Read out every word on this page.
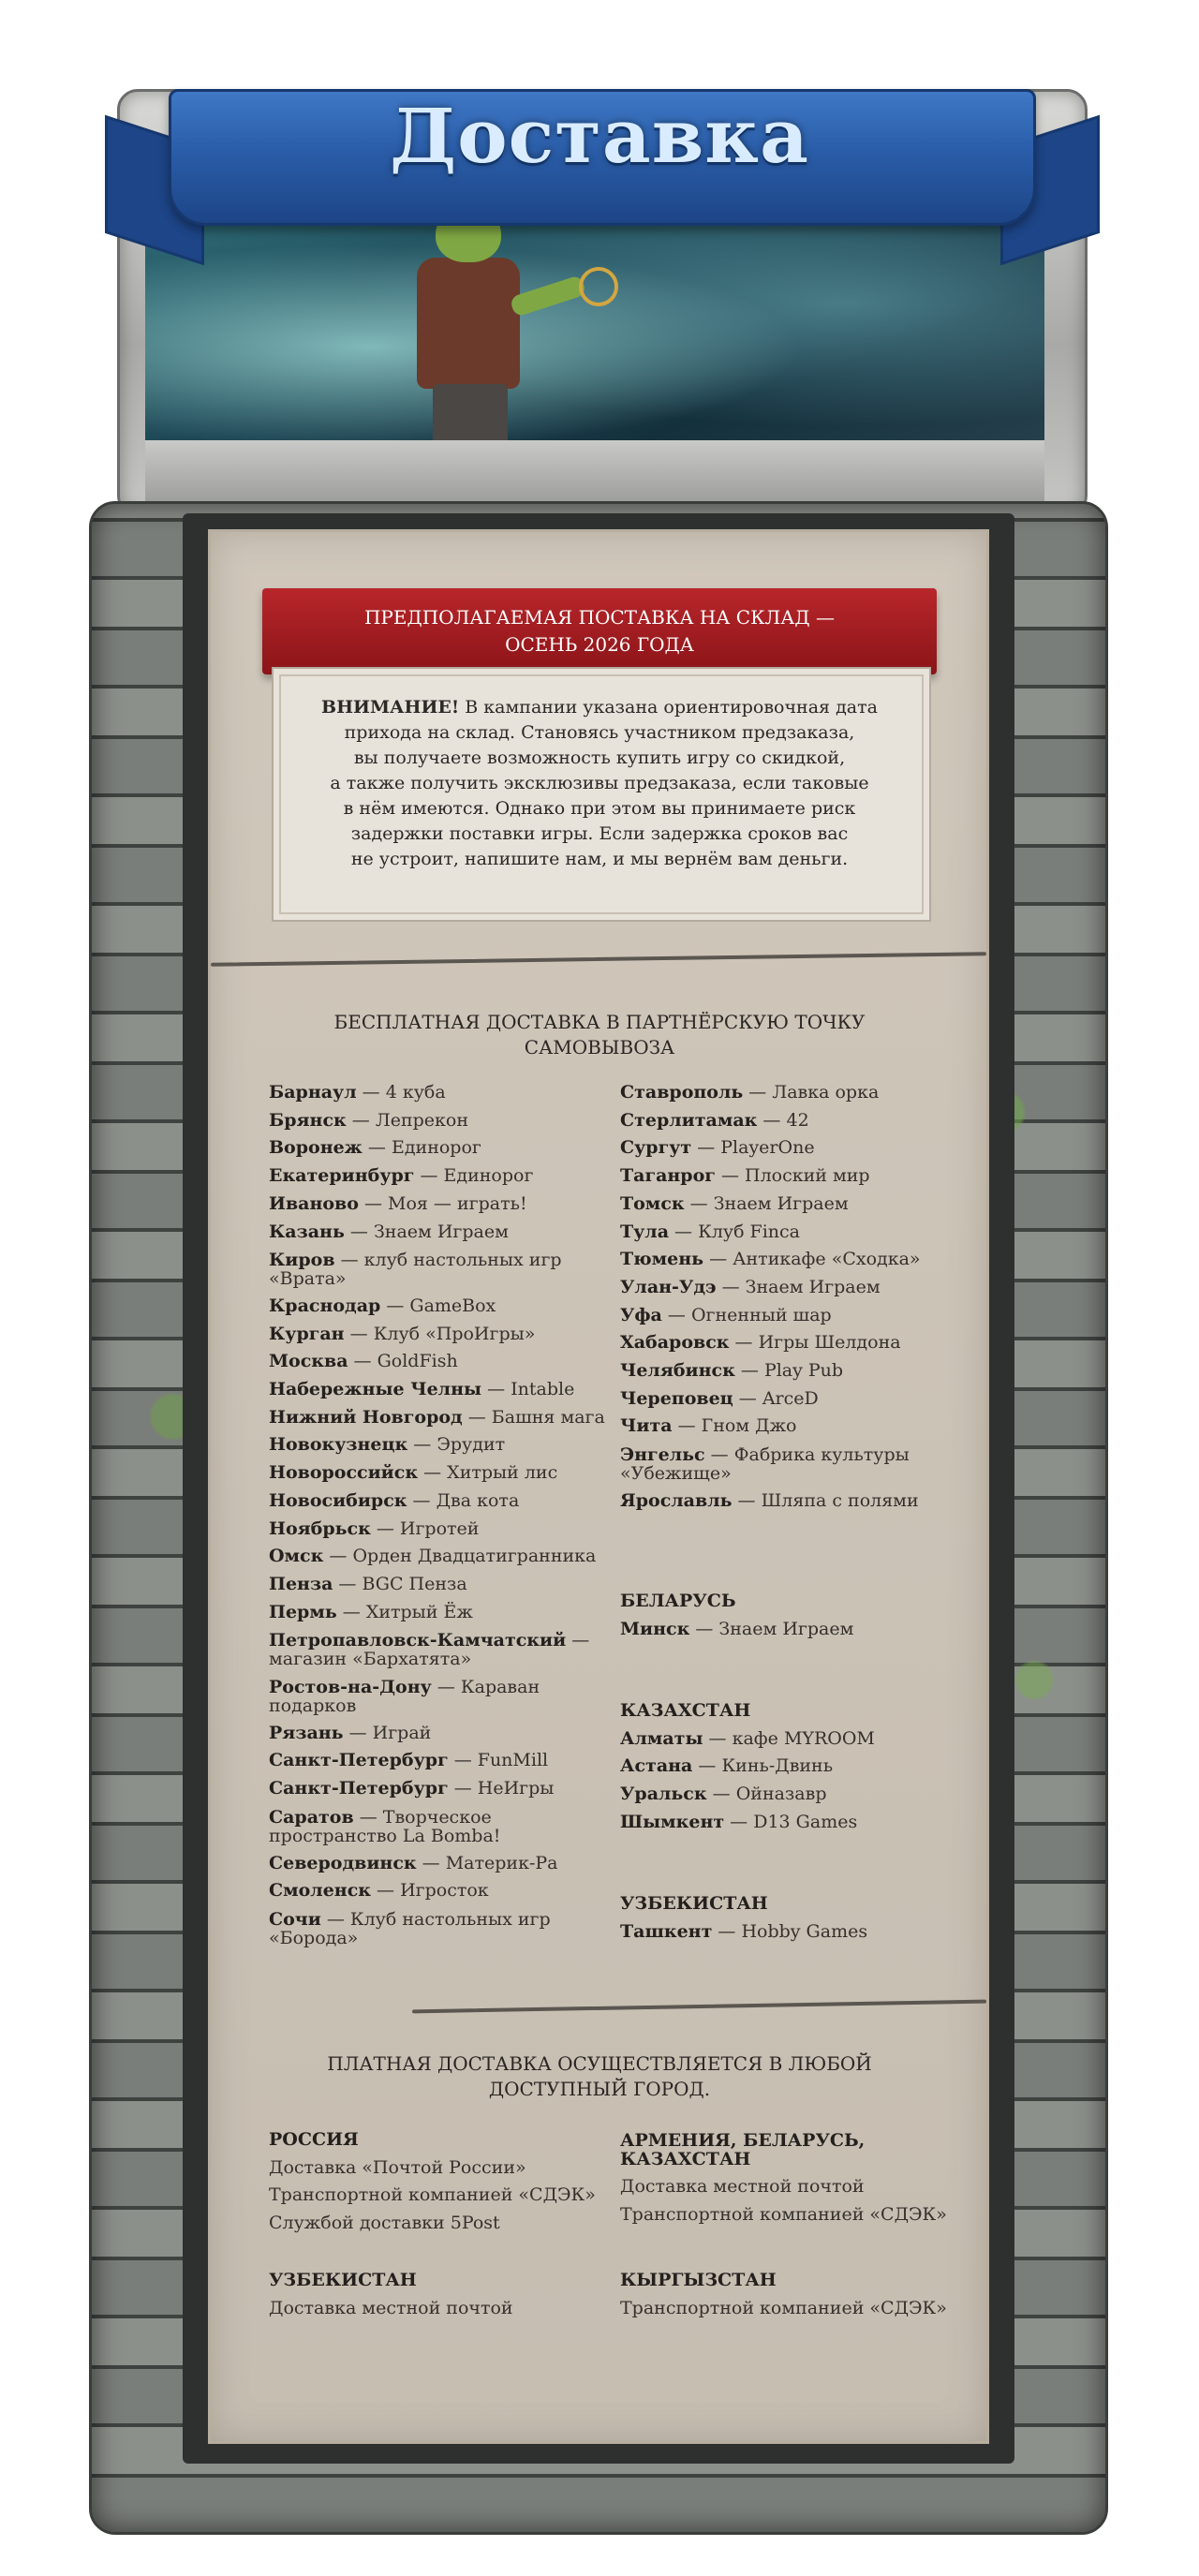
Доставка
ПРЕДПОЛАГАЕМАЯ ПОСТАВКА НА СКЛАД —
ОСЕНЬ 2026 ГОДА
ВНИМАНИЕ! В кампании указана ориентировочная дата
прихода на склад. Становясь участником предзаказа,
вы получаете возможность купить игру со скидкой,
а также получить эксклюзивы предзаказа, если таковые
в нём имеются. Однако при этом вы принимаете риск
задержки поставки игры. Если задержка сроков вас
не устроит, напишите нам, и мы вернём вам деньги.
БЕСПЛАТНАЯ ДОСТАВКА В ПАРТНЁРСКУЮ ТОЧКУ
САМОВЫВОЗА
Барнаул — 4 куба
Брянск — Лепрекон
Воронеж — Единорог
Екатеринбург — Единорог
Иваново — Моя — играть!
Казань — Знаем Играем
Киров — клуб настольных игр
«Врата»
Краснодар — GameBox
Курган — Клуб «ПроИгры»
Москва — GoldFish
Набережные Челны — Intable
Нижний Новгород — Башня мага
Новокузнецк — Эрудит
Новороссийск — Хитрый лис
Новосибирск — Два кота
Ноябрьск — Игротей
Омск — Орден Двадцатигранника
Пенза — BGC Пенза
Пермь — Хитрый Ёж
Петропавловск-Камчатский —
магазин «Бархатята»
Ростов-на-Дону — Караван
подарков
Рязань — Играй
Санкт-Петербург — FunMill
Санкт-Петербург — НеИгры
Саратов — Творческое
пространство La Bomba!
Северодвинск — Материк-Ра
Смоленск — Игросток
Сочи — Клуб настольных игр
«Борода»
Ставрополь — Лавка орка
Стерлитамак — 42
Сургут — PlayerOne
Таганрог — Плоский мир
Томск — Знаем Играем
Тула — Клуб Finca
Тюмень — Антикафе «Сходка»
Улан-Удэ — Знаем Играем
Уфа — Огненный шар
Хабаровск — Игры Шелдона
Челябинск — Play Pub
Череповец — ArceD
Чита — Гном Джо
Энгельс — Фабрика культуры
«Убежище»
Ярославль — Шляпа с полями
БЕЛАРУСЬ
Минск — Знаем Играем
КАЗАХСТАН
Алматы — кафе MYROOM
Астана — Кинь-Двинь
Уральск — Ойназавр
Шымкент — D13 Games
УЗБЕКИСТАН
Ташкент — Hobby Games
ПЛАТНАЯ ДОСТАВКА ОСУЩЕСТВЛЯЕТСЯ В ЛЮБОЙ
ДОСТУПНЫЙ ГОРОД.
РОССИЯ
Доставка «Почтой России»
Транспортной компанией «СДЭК»
Службой доставки 5Post
АРМЕНИЯ, БЕЛАРУСЬ,
КАЗАХСТАН
Доставка местной почтой
Транспортной компанией «СДЭК»
УЗБЕКИСТАН
Доставка местной почтой
КЫРГЫЗСТАН
Транспортной компанией «СДЭК»
